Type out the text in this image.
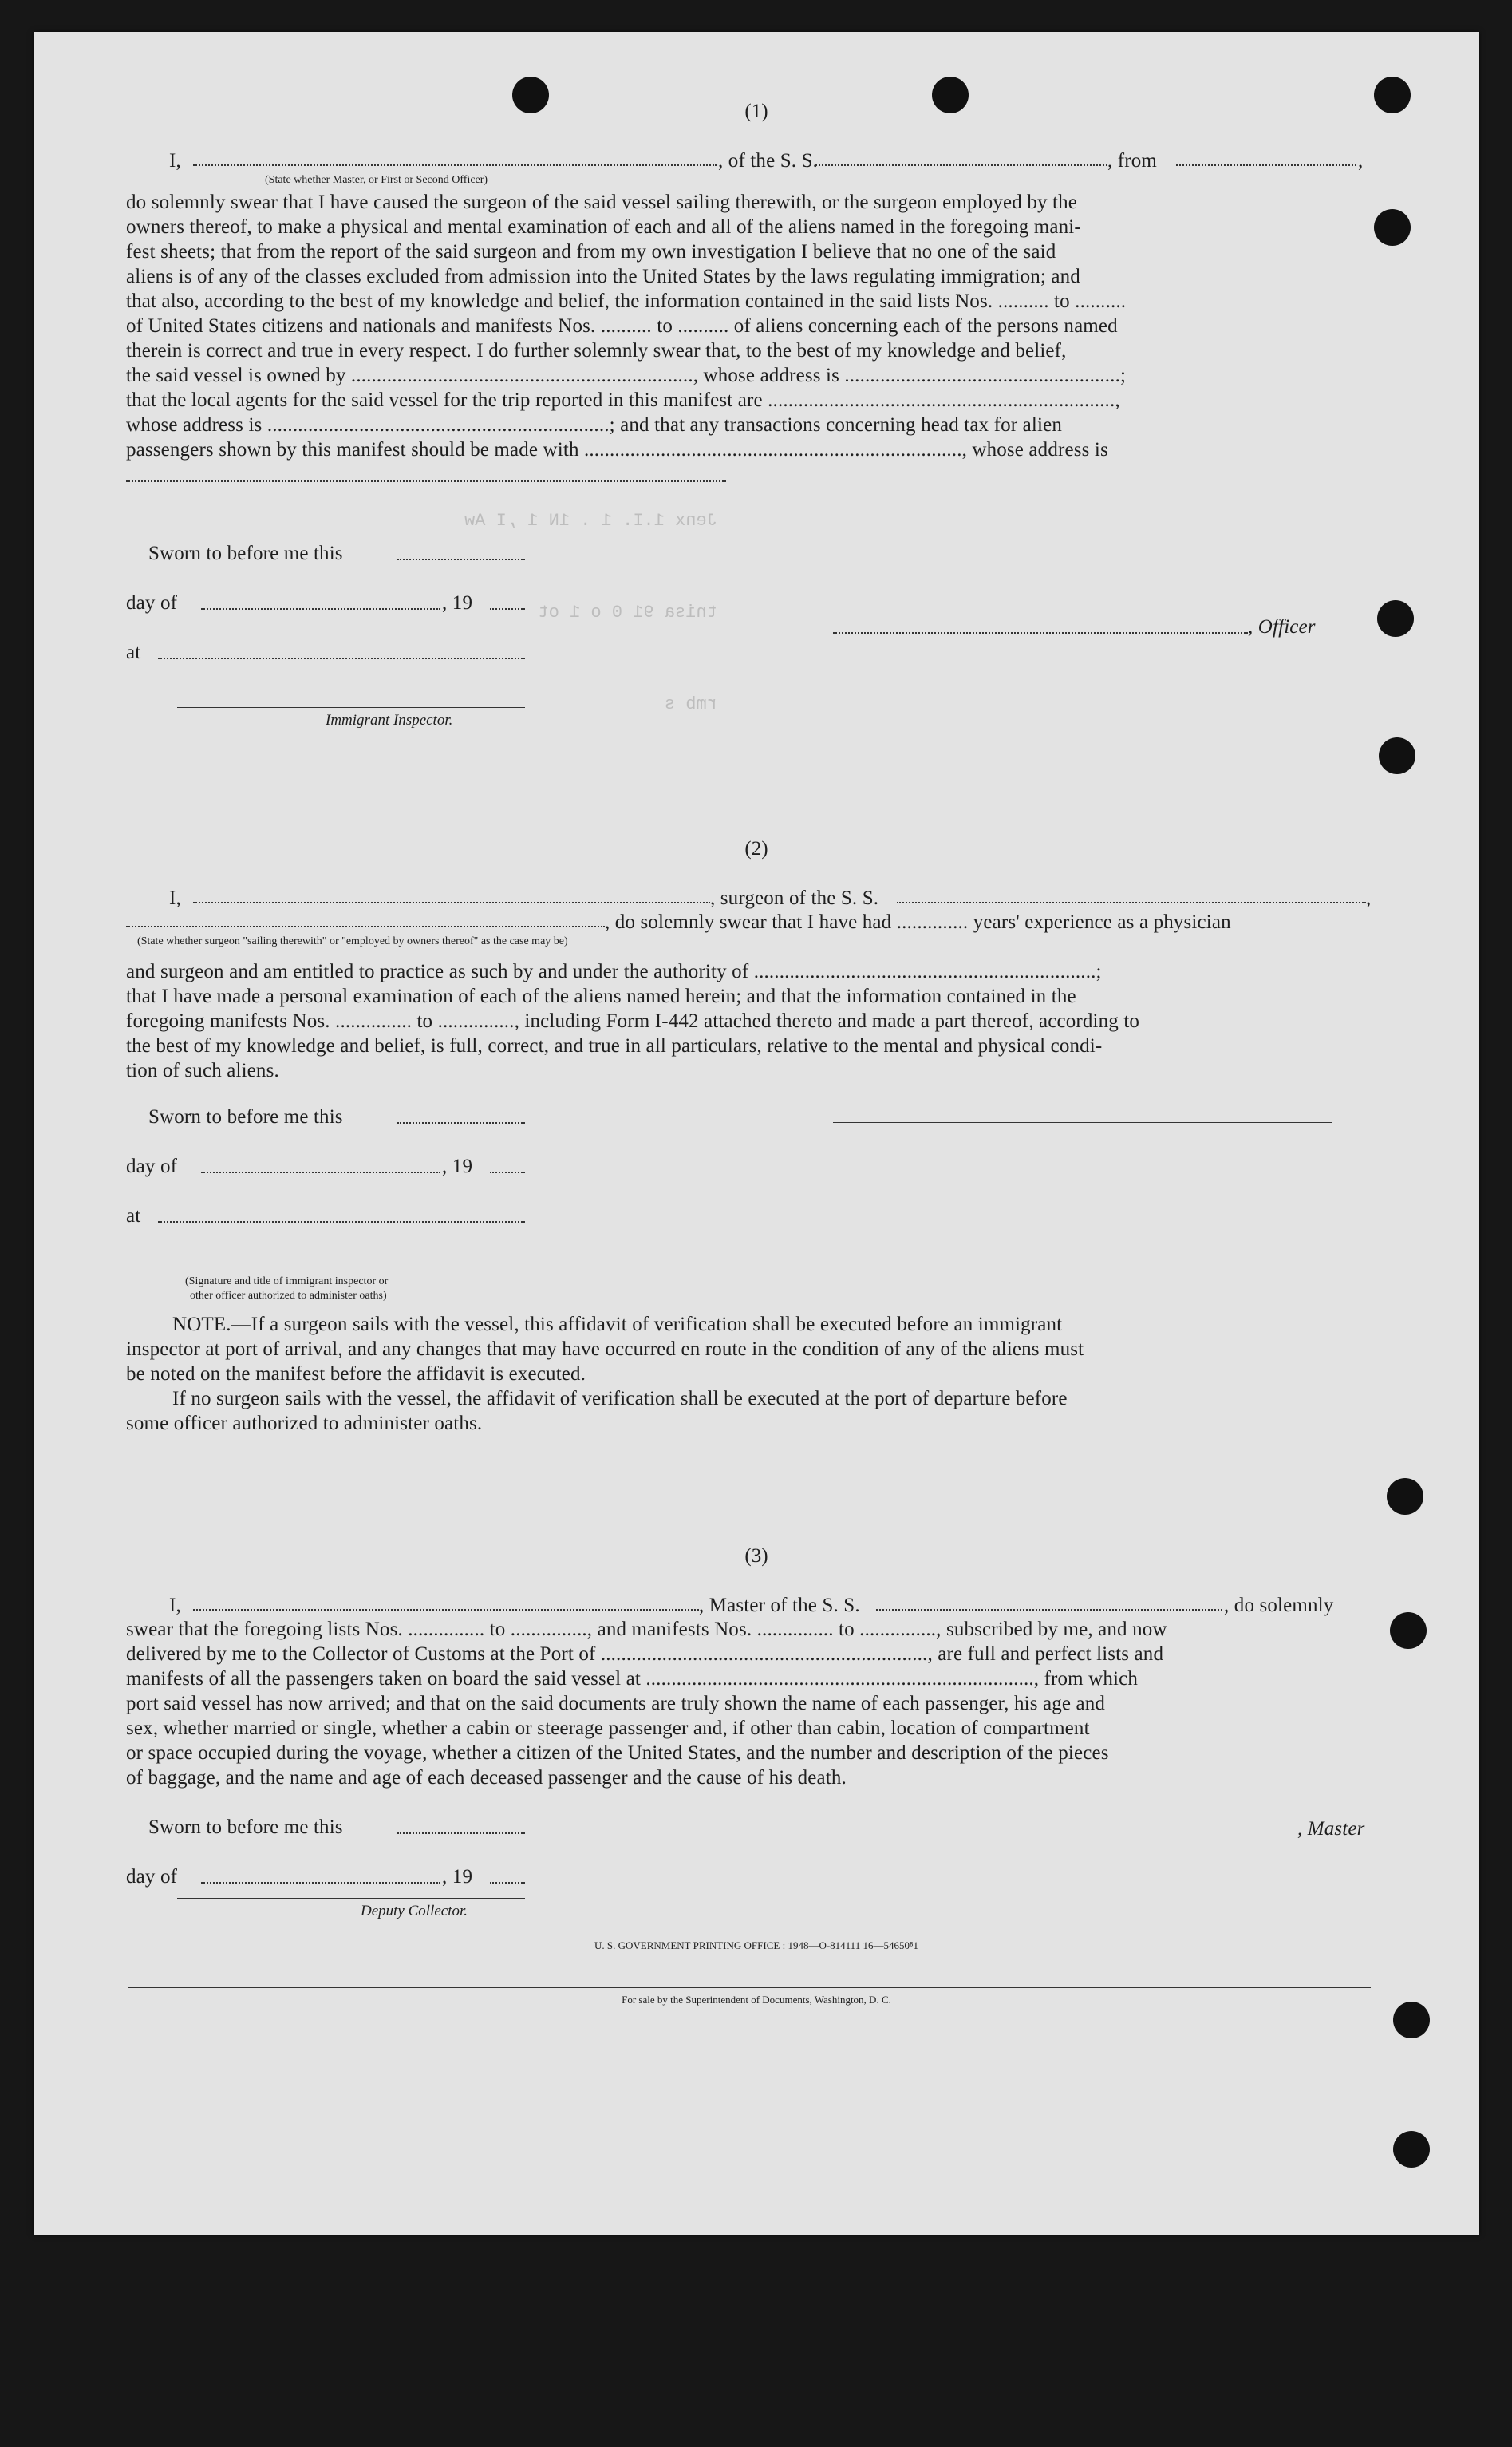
Jenx 1.I. 1 . 1N 1 ,I Aw
tnisa 91 0 o 1 ot
rmb s
(1)
I,	, of the S. S.	, from	,
(State whether Master, or First or Second Officer)
do solemnly swear that I have caused the surgeon of the said vessel sailing therewith, or the surgeon employed by the
owners thereof, to make a physical and mental examination of each and all of the aliens named in the foregoing mani-
fest sheets; that from the report of the said surgeon and from my own investigation I believe that no one of the said
aliens is of any of the classes excluded from admission into the United States by the laws regulating immigration; and
that also, according to the best of my knowledge and belief, the information contained in the said lists Nos. .......... to ..........
of United States citizens and nationals and manifests Nos. .......... to .......... of aliens concerning each of the persons named
therein is correct and true in every respect. I do further solemnly swear that, to the best of my knowledge and belief,
the said vessel is owned by ..................................................................., whose address is ......................................................;
that the local agents for the said vessel for the trip reported in this manifest are ....................................................................,
whose address is ...................................................................; and that any transactions concerning head tax for alien
passengers shown by this manifest should be made with .........................................................................., whose address is
Sworn to before me this
day of	, 19
, Officer
at
Immigrant Inspector.
(2)
I,	, surgeon of the S. S.	,
, do solemnly swear that I have had .............. years' experience as a physician
(State whether surgeon "sailing therewith" or "employed by owners thereof" as the case may be)
and surgeon and am entitled to practice as such by and under the authority of ...................................................................;
that I have made a personal examination of each of the aliens named herein; and that the information contained in the
foregoing manifests Nos. ............... to ..............., including Form I-442 attached thereto and made a part thereof, according to
the best of my knowledge and belief, is full, correct, and true in all particulars, relative to the mental and physical condi-
tion of such aliens.
Sworn to before me this
day of	, 19
at
(Signature and title of immigrant inspector or
other officer authorized to administer oaths)
NOTE.—If a surgeon sails with the vessel, this affidavit of verification shall be executed before an immigrant
inspector at port of arrival, and any changes that may have occurred en route in the condition of any of the aliens must
be noted on the manifest before the affidavit is executed.
If no surgeon sails with the vessel, the affidavit of verification shall be executed at the port of departure before
some officer authorized to administer oaths.
(3)
I,	, Master of the S. S.	, do solemnly
swear that the foregoing lists Nos. ............... to ..............., and manifests Nos. ............... to ..............., subscribed by me, and now
delivered by me to the Collector of Customs at the Port of ................................................................, are full and perfect lists and
manifests of all the passengers taken on board the said vessel at ............................................................................, from which
port said vessel has now arrived; and that on the said documents are truly shown the name of each passenger, his age and
sex, whether married or single, whether a cabin or steerage passenger and, if other than cabin, location of compartment
or space occupied during the voyage, whether a citizen of the United States, and the number and description of the pieces
of baggage, and the name and age of each deceased passenger and the cause of his death.
Sworn to before me this	, Master
day of	, 19
Deputy Collector.
U. S. GOVERNMENT PRINTING OFFICE : 1948—O-814111 16—54650⁸1
For sale by the Superintendent of Documents, Washington, D. C.
